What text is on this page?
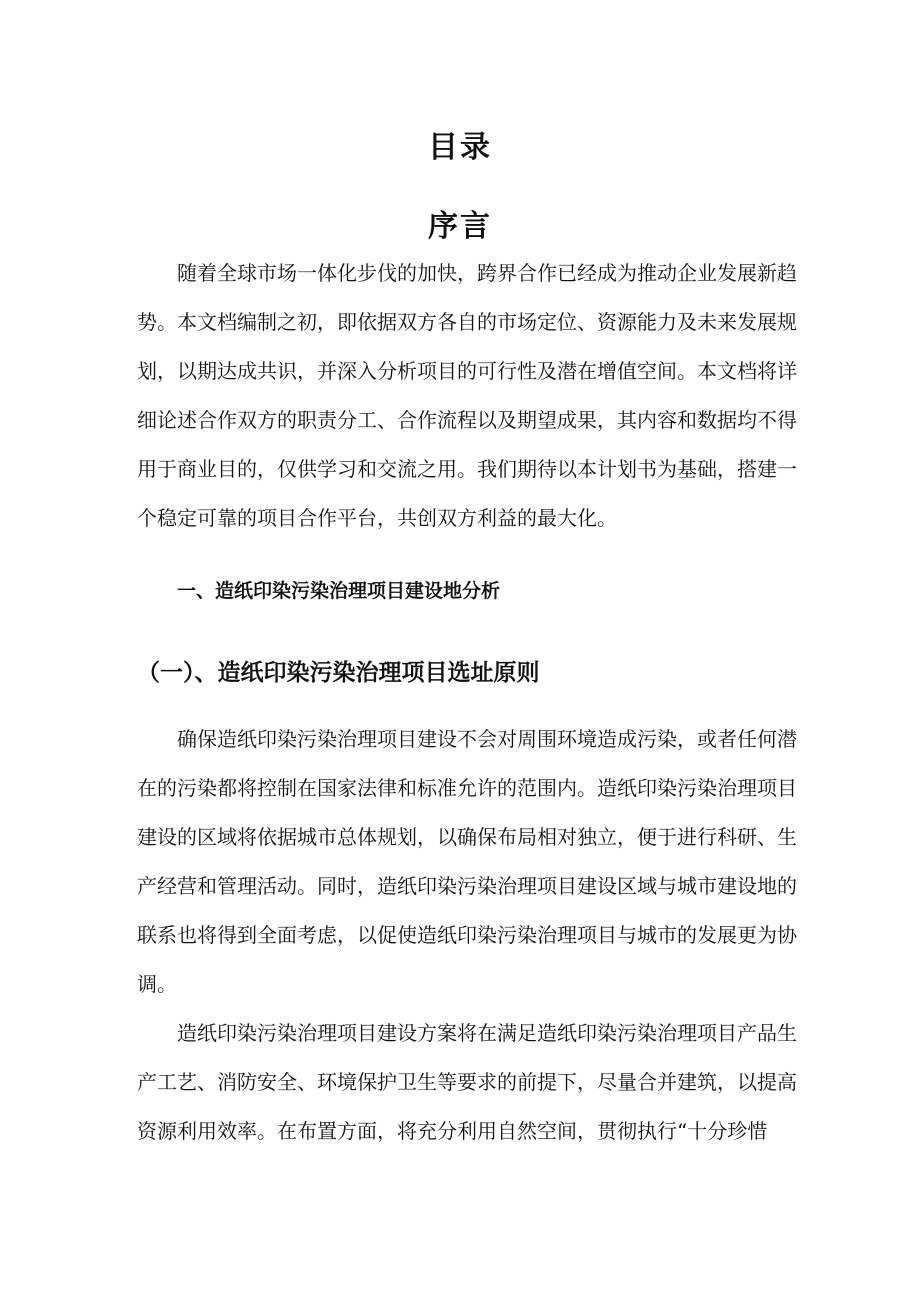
目录
序言

随着全球市场一体化步伐的加快，跨界合作已经成为推动企业发展新趋势。本文档编制之初，即依据双方各自的市场定位、资源能力及未来发展规划，以期达成共识，并深入分析项目的可行性及潜在增值空间。本文档将详细论述合作双方的职责分工、合作流程以及期望成果，其内容和数据均不得用于商业目的，仅供学习和交流之用。我们期待以本计划书为基础，搭建一个稳定可靠的项目合作平台，共创双方利益的最大化。

一、造纸印染污染治理项目建设地分析
（一）、造纸印染污染治理项目选址原则

确保造纸印染污染治理项目建设不会对周围环境造成污染，或者任何潜在的污染都将控制在国家法律和标准允许的范围内。造纸印染污染治理项目建设的区域将依据城市总体规划，以确保布局相对独立，便于进行科研、生产经营和管理活动。同时，造纸印染污染治理项目建设区域与城市建设地的联系也将得到全面考虑，以促使造纸印染污染治理项目与城市的发展更为协调。

造纸印染污染治理项目建设方案将在满足造纸印染污染治理项目产品生产工艺、消防安全、环境保护卫生等要求的前提下，尽量合并建筑，以提高资源利用效率。在布置方面，将充分利用自然空间，贯彻执行“十分珍惜
